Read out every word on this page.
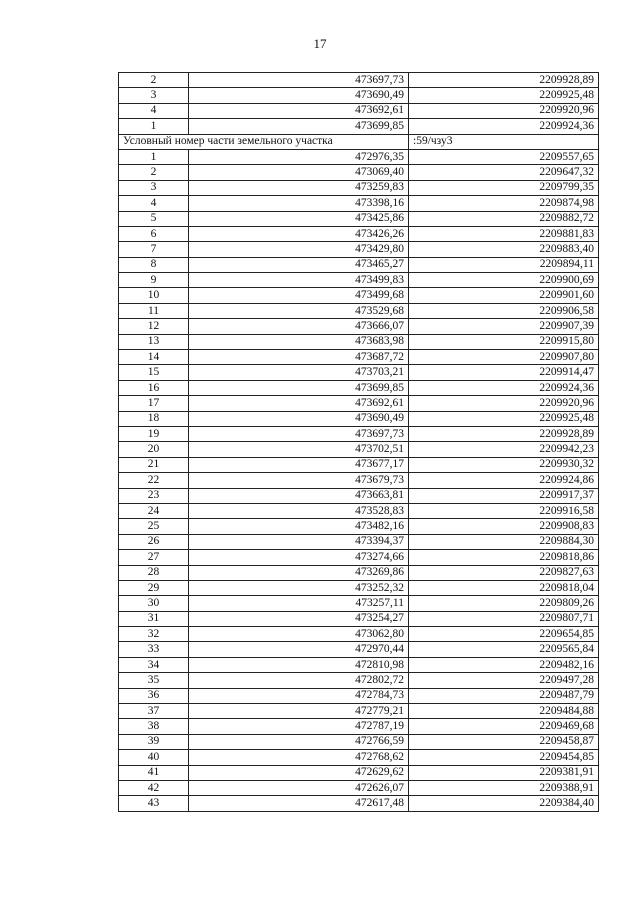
17
2	473697,73	2209928,89
3	473690,49	2209925,48
4	473692,61	2209920,96
1	473699,85	2209924,36
Условный номер части земельного участка		:59/чзу3
1	472976,35	2209557,65
2	473069,40	2209647,32
3	473259,83	2209799,35
4	473398,16	2209874,98
5	473425,86	2209882,72
6	473426,26	2209881,83
7	473429,80	2209883,40
8	473465,27	2209894,11
9	473499,83	2209900,69
10	473499,68	2209901,60
11	473529,68	2209906,58
12	473666,07	2209907,39
13	473683,98	2209915,80
14	473687,72	2209907,80
15	473703,21	2209914,47
16	473699,85	2209924,36
17	473692,61	2209920,96
18	473690,49	2209925,48
19	473697,73	2209928,89
20	473702,51	2209942,23
21	473677,17	2209930,32
22	473679,73	2209924,86
23	473663,81	2209917,37
24	473528,83	2209916,58
25	473482,16	2209908,83
26	473394,37	2209884,30
27	473274,66	2209818,86
28	473269,86	2209827,63
29	473252,32	2209818,04
30	473257,11	2209809,26
31	473254,27	2209807,71
32	473062,80	2209654,85
33	472970,44	2209565,84
34	472810,98	2209482,16
35	472802,72	2209497,28
36	472784,73	2209487,79
37	472779,21	2209484,88
38	472787,19	2209469,68
39	472766,59	2209458,87
40	472768,62	2209454,85
41	472629,62	2209381,91
42	472626,07	2209388,91
43	472617,48	2209384,40
